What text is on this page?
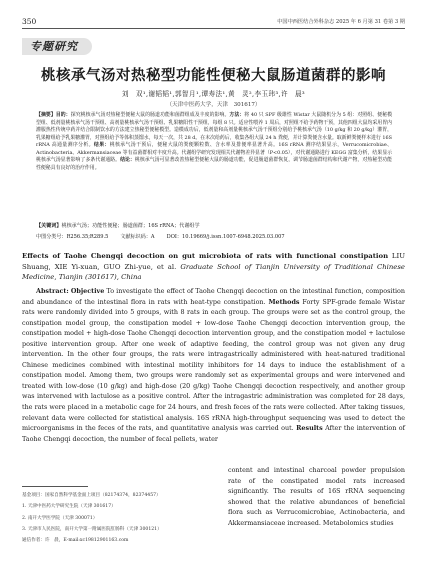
350	中国中西医结合外科杂志 2025 年 6 月第 31 卷第 3 期
专题研究
桃核承气汤对热秘型功能性便秘大鼠肠道菌群的影响
刘　双¹,谢韬韬¹,郭智月¹,谭寿法¹,黄　灵²,李玉玮³,许　晨³
（天津中医药大学，天津　301617）
【摘要】目的：探究桃核承气汤对热秘型便秘大鼠的肠道功能和菌群组成及丰度的影响。方法：将 40 只 SPF 级雄性 Wistar 大鼠随机分为 5 组：对照组、便秘模型组、低剂量桃核承气汤干预组、高剂量桃核承气汤干预组、乳果糖阳性干预组，每组 8 只。适应性喂养 1 周后，对照组不给予药物干预，其他四组大鼠均采用胃内灌服热性传统中药并结合限制饮水的方法建立热秘型便秘模型。造模成功后，低剂量和高剂量桃核承气汤干预组分别给予桃核承气汤（10 g/kg 和 20 g/kg）灌胃，乳果糖组给予乳果糖灌胃，对照组给予等体积蒸馏水，每天一次，共 28 d。在末次给药后，收集各组大鼠 24 h 粪便，并计算粪便含水量。取新鲜粪便样本进行 16S rRNA 高通量测序分析。结果：桃核承气汤干预后，便秘大鼠的粪便颗粒数、含水率及排便率显著升高。16S rRNA 测序结果显示，Verrucomicrobiae、Actinobacteria、Akkermansiaceae 等有益菌群相对丰度升高。代谢组学研究发现相关代谢物差异显著（P<0.05），对代谢通路进行 KEGG 富集分析，结果显示桃核承气汤显著影响了多条代谢通路。结论：桃核承气汤可显著改善热秘型便秘大鼠的肠道功能，促进肠道菌群恢复，调节肠道菌群结构和代谢产物，对热秘型功能性便秘具有良好的治疗作用。
【关键词】桃核承气汤；功能性便秘；肠道菌群；16S rRNA；代谢组学
中图分类号：R256.35;R289.5 文献标识码：A DOI：10.19669/j.issn.1007-6948.2025.03.007
Effects of Taohe Chengqi decoction on gut microbiota of rats with functional constipation LIU Shuang, XIE Yi-xuan, GUO Zhi-yue, et al. Graduate School of Tianjin University of Traditional Chinese Medicine, Tianjin (301617), China
Abstract: Objective To investigate the effect of Taohe Chengqi decoction on the intestinal function, composition and abundance of the intestinal flora in rats with heat-type constipation. Methods Forty SPF-grade female Wistar rats were randomly divided into 5 groups, with 8 rats in each group. The groups were set as the control group, the constipation model group, the constipation model + low-dose Taohe Chengqi decoction intervention group, the constipation model + high-dose Taohe Chengqi decoction intervention group, and the constipation model + lactulose positive intervention group. After one week of adaptive feeding, the control group was not given any drug intervention. In the other four groups, the rats were intragastrically administered with heat-natured traditional Chinese medicines combined with intestinal motility inhibitors for 14 days to induce the establishment of a constipation model. Among them, two groups were randomly set as experimental groups and were intervened and treated with low-dose (10 g/kg) and high-dose (20 g/kg) Taohe Chengqi decoction respectively, and another group was intervened with lactulose as a positive control. After the intragastric administration was completed for 28 days, the rats were placed in a metabolic cage for 24 hours, and fresh feces of the rats were collected. After taking tissues, relevant data were collected for statistical analysis. 16S rRNA high-throughput sequencing was used to detect the microorganisms in the feces of the rats, and quantitative analysis was carried out. Results After the intervention of Taohe Chengqi decoction, the number of fecal pellets, water
content and intestinal charcoal powder propulsion rate of the constipated model rats increased significantly. The results of 16S rRNA sequencing showed that the relative abundances of beneficial flora such as Verrucomicrobiae, Actinobacteria, and Akkermansiaceae increased. Metabolomics studies
基金项目：国家自然科学基金面上项目（82174374，82374457）
1. 天津中医药大学研究生院（天津 301617）
2. 南开大学医学院（天津 300071）
3. 天津市人民医院，南开大学第一附属医院肛肠科（天津 300121）
通信作者：许　晨，E-mail:xc19812901163.com
